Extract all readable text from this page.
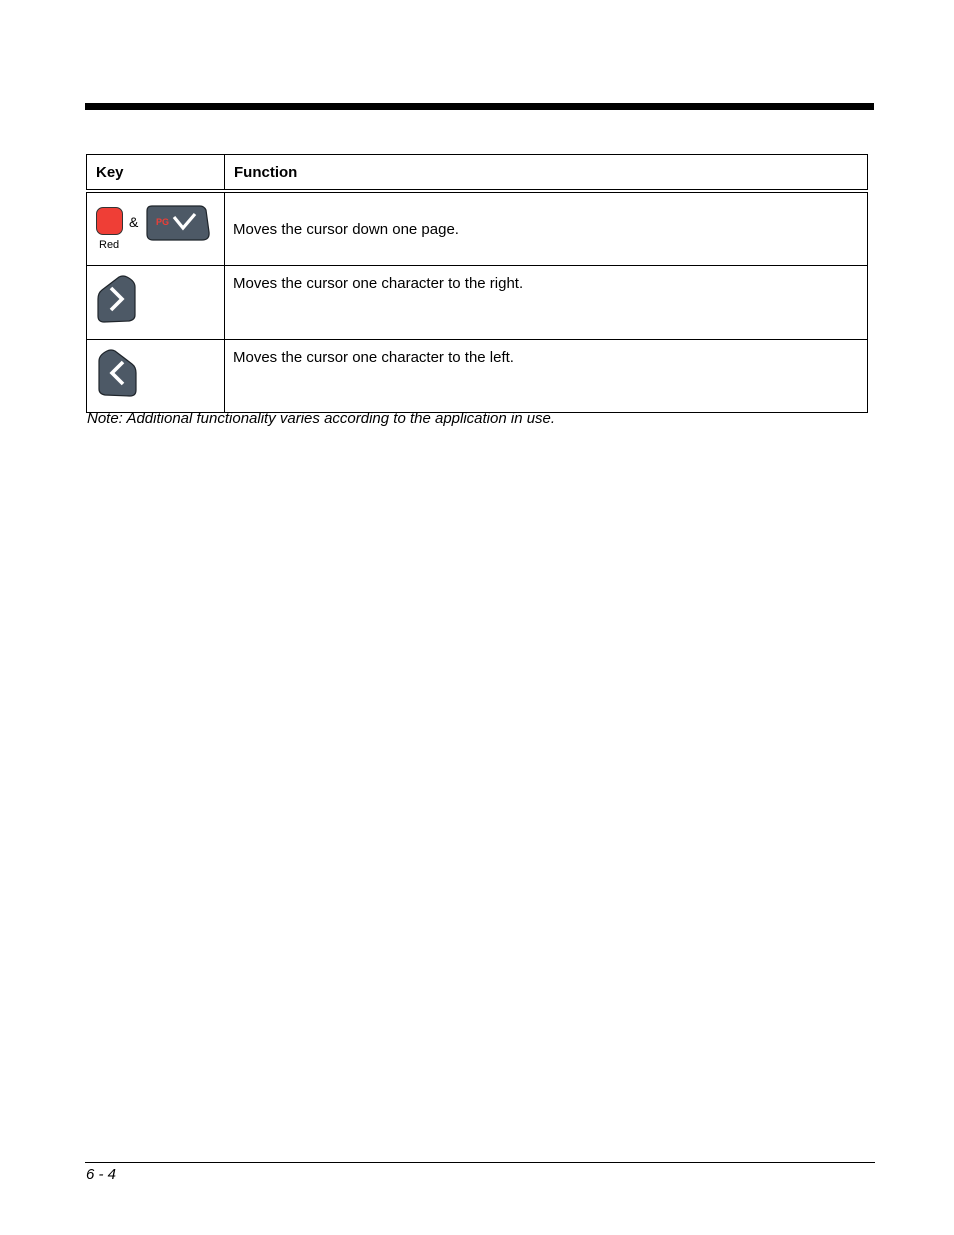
Key	Function

&
Red
PG	Moves the cursor down one page.

	Moves the cursor one character to the right.

	Moves the cursor one character to the left.
Note: Additional functionality varies according to the application in use.
6 - 4
